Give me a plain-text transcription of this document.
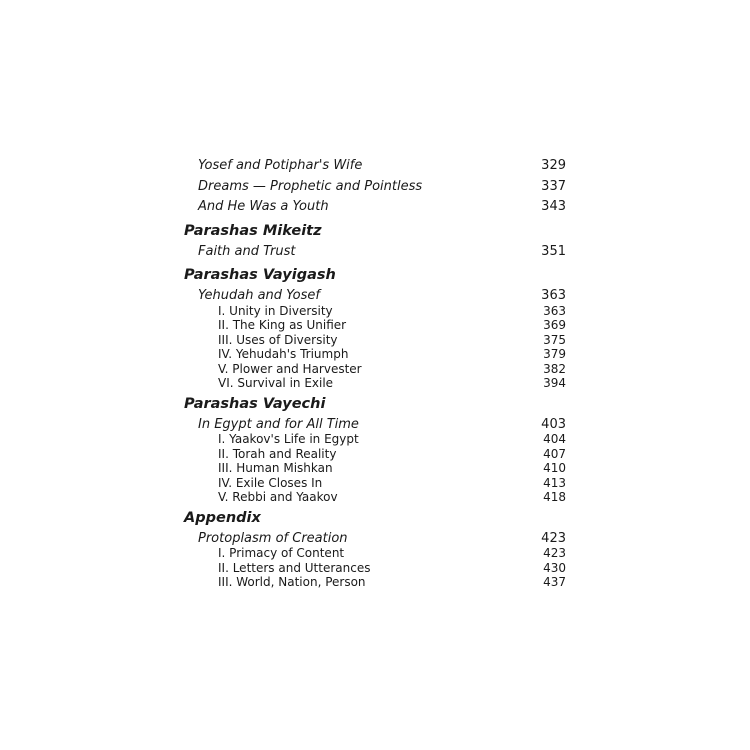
Yosef and Potiphar's Wife	329
Dreams — Prophetic and Pointless	337
And He Was a Youth	343
Parashas Mikeitz
Faith and Trust	351
Parashas Vayigash
Yehudah and Yosef	363
I. Unity in Diversity	363
II. The King as Unifier	369
III. Uses of Diversity	375
IV. Yehudah's Triumph	379
V. Plower and Harvester	382
VI. Survival in Exile	394
Parashas Vayechi
In Egypt and for All Time	403
I. Yaakov's Life in Egypt	404
II. Torah and Reality	407
III. Human Mishkan	410
IV. Exile Closes In	413
V. Rebbi and Yaakov	418
Appendix
Protoplasm of Creation	423
I. Primacy of Content	423
II. Letters and Utterances	430
III. World, Nation, Person	437
